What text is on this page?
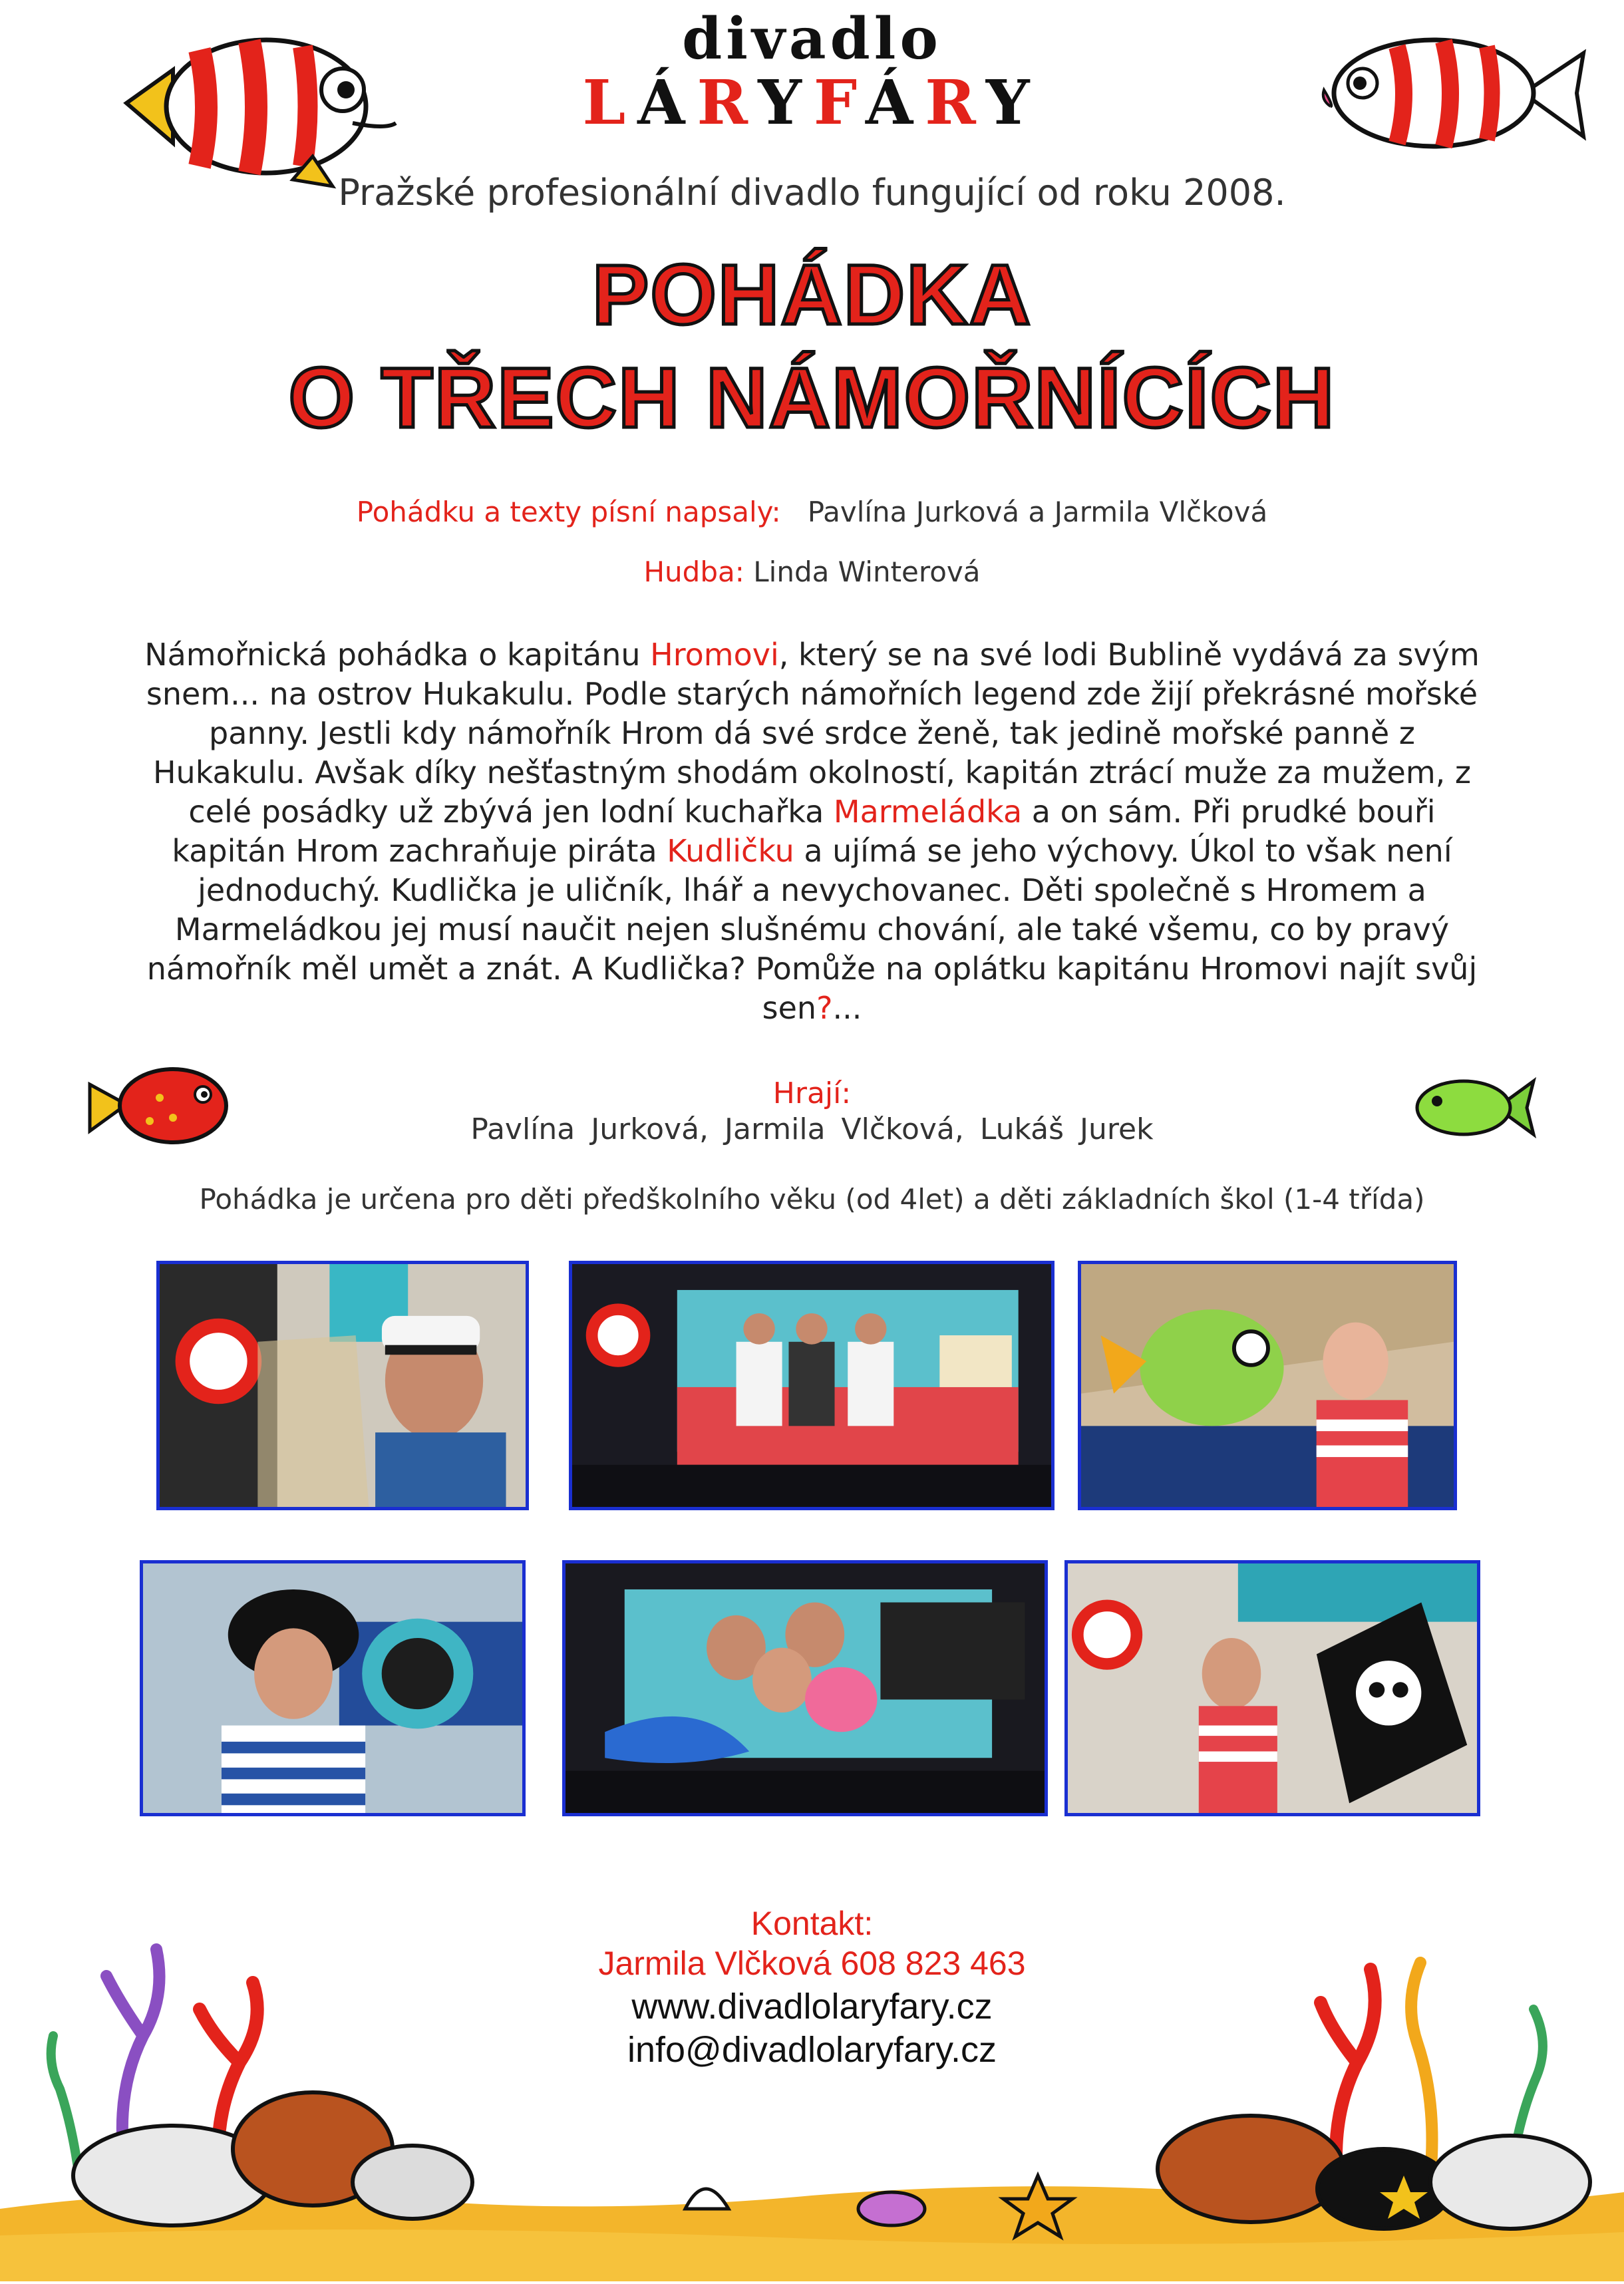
divadlo
LÁRYFÁRY
Pražské profesionální divadlo fungující od roku 2008.
POHÁDKA
O TŘECH NÁMOŘNÍCÍCH
Pohádku a texty písní napsaly: Pavlína Jurková a Jarmila Vlčková
Hudba: Linda Winterová
Námořnická pohádka o kapitánu Hromovi, který se na své lodi Bublině vydává za svým snem... na ostrov Hukakulu. Podle starých námořních legend zde žijí překrásné mořské panny. Jestli kdy námořník Hrom dá své srdce ženě, tak jedině mořské panně z Hukakulu. Avšak díky nešťastným shodám okolností, kapitán ztrácí muže za mužem, z celé posádky už zbývá jen lodní kuchařka Marmeládka a on sám. Při prudké bouři kapitán Hrom zachraňuje piráta Kudličku a ujímá se jeho výchovy. Úkol to však není jednoduchý. Kudlička je uličník, lhář a nevychovanec. Děti společně s Hromem a Marmeládkou jej musí naučit nejen slušnému chování, ale také všemu, co by pravý námořník měl umět a znát. A Kudlička? Pomůže na oplátku kapitánu Hromovi najít svůj sen?...
Hrají:
Pavlína Jurková, Jarmila Vlčková, Lukáš Jurek
Pohádka je určena pro děti předškolního věku (od 4let) a děti základních škol (1-4 třída)
Kontakt:
Jarmila Vlčková 608 823 463
www.divadlolaryfary.cz
info@divadlolaryfary.cz
